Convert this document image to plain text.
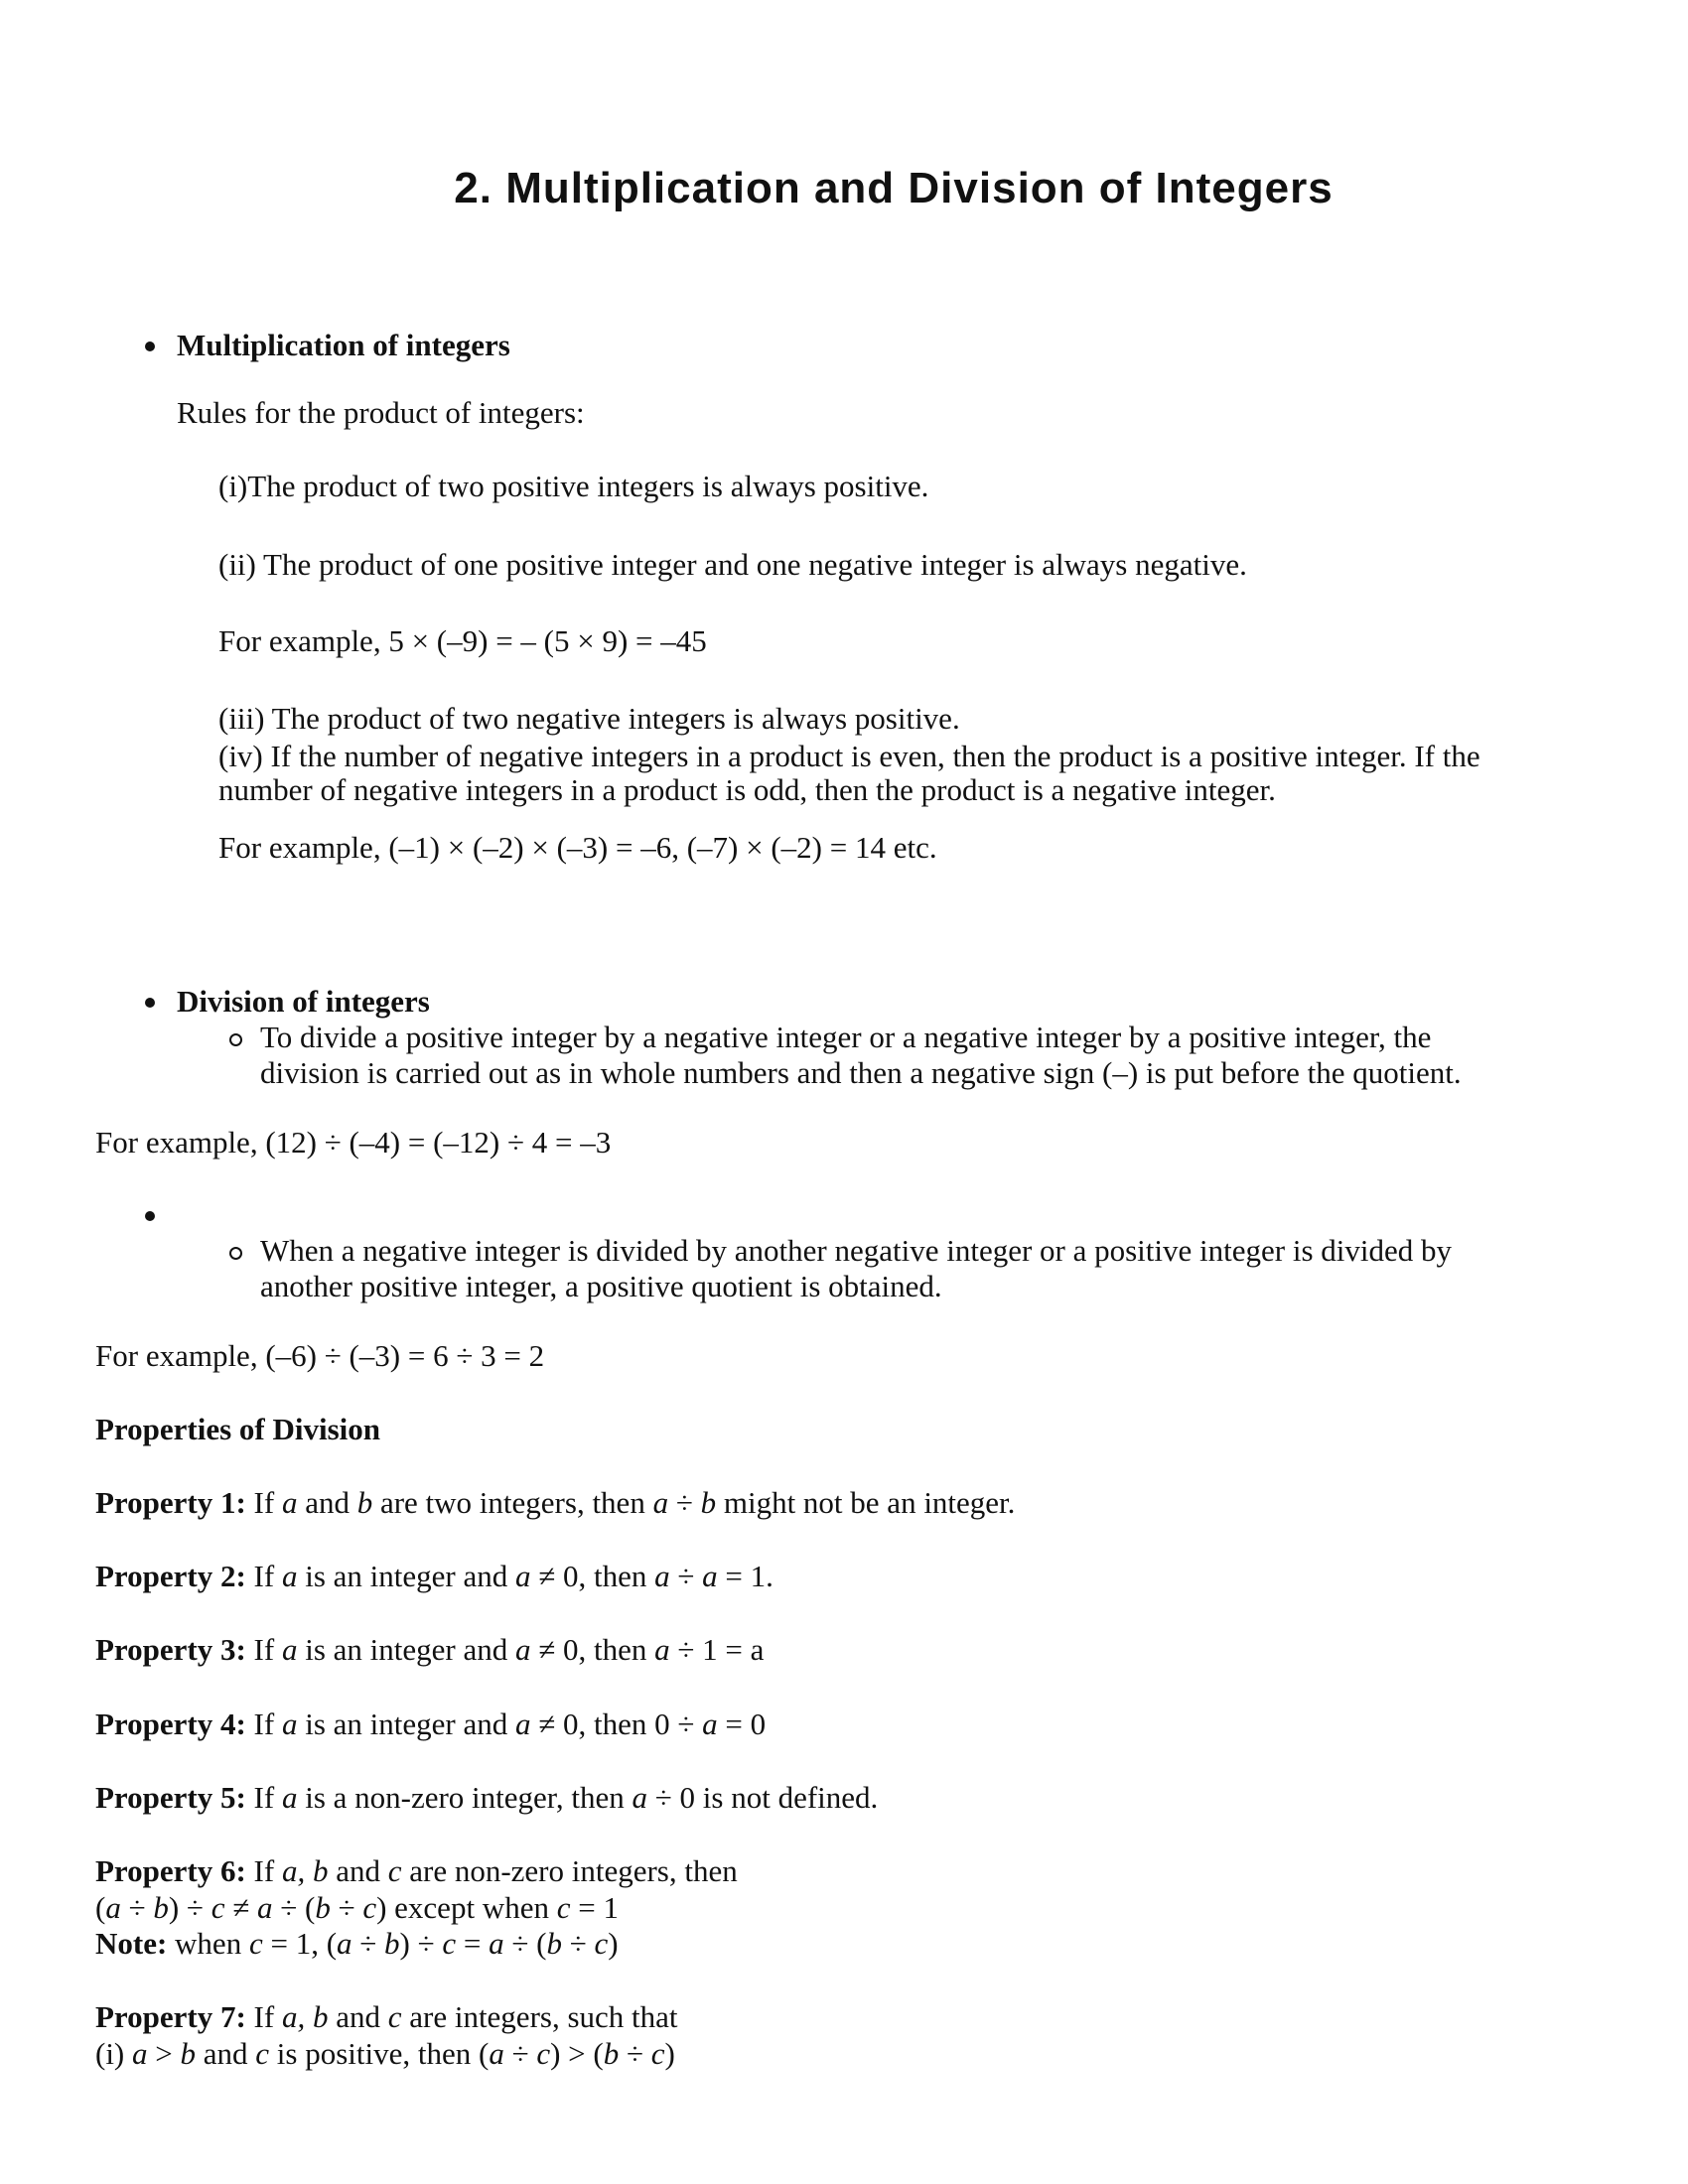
2. Multiplication and Division of Integers
Multiplication of integers
Rules for the product of integers:
(i)The product of two positive integers is always positive.
(ii) The product of one positive integer and one negative integer is always negative.
For example, 5 × (–9) = – (5 × 9) = –45
(iii) The product of two negative integers is always positive.
(iv) If the number of negative integers in a product is even, then the product is a positive integer. If the
number of negative integers in a product is odd, then the product is a negative integer.
For example, (–1) × (–2) × (–3) = –6, (–7) × (–2) = 14 etc.
Division of integers
To divide a positive integer by a negative integer or a negative integer by a positive integer, the
division is carried out as in whole numbers and then a negative sign (–) is put before the quotient.
For example, (12) ÷ (–4) = (–12) ÷ 4 = –3
When a negative integer is divided by another negative integer or a positive integer is divided by
another positive integer, a positive quotient is obtained.
For example, (–6) ÷ (–3) = 6 ÷ 3 = 2
Properties of Division
Property 1: If a and b are two integers, then a ÷ b might not be an integer.
Property 2: If a is an integer and a ≠ 0, then a ÷ a = 1.
Property 3: If a is an integer and a ≠ 0, then a ÷ 1 = a
Property 4: If a is an integer and a ≠ 0, then 0 ÷ a = 0
Property 5: If a is a non-zero integer, then a ÷ 0 is not defined.
Property 6: If a, b and c are non-zero integers, then
(a ÷ b) ÷ c ≠ a ÷ (b ÷ c) except when c = 1
Note: when c = 1, (a ÷ b) ÷ c = a ÷ (b ÷ c)
Property 7: If a, b and c are integers, such that
(i) a > b and c is positive, then (a ÷ c) > (b ÷ c)
